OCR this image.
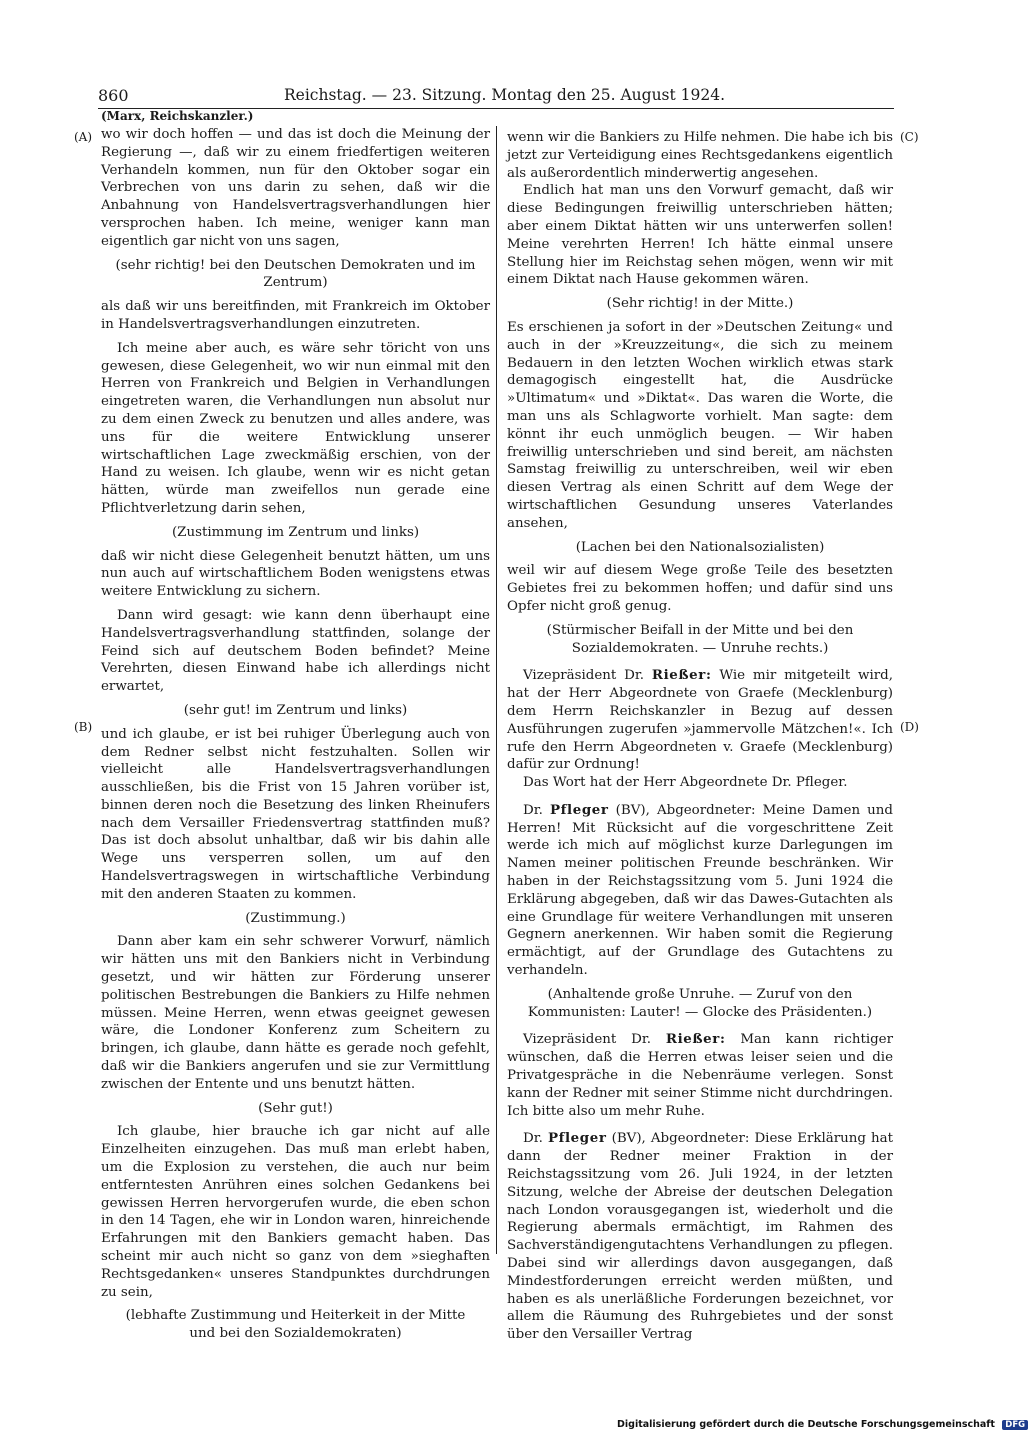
860	Reichstag. — 23. Sitzung. Montag den 25. August 1924.
(A)
(B)
(C)
(D)

(Marx, Reichskanzler.)

wo wir doch hoffen — und das ist doch die Meinung der Regierung —, daß wir zu einem friedfertigen weiteren Verhandeln kommen, nun für den Oktober sogar ein Verbrechen von uns darin zu sehen, daß wir die Anbahnung von Handelsvertragsverhandlungen hier versprochen haben. Ich meine, weniger kann man eigentlich gar nicht von uns sagen,

(sehr richtig! bei den Deutschen Demokraten und im Zentrum)

als daß wir uns bereitfinden, mit Frankreich im Oktober in Handelsvertragsverhandlungen einzutreten.

Ich meine aber auch, es wäre sehr töricht von uns gewesen, diese Gelegenheit, wo wir nun einmal mit den Herren von Frankreich und Belgien in Verhandlungen eingetreten waren, die Verhandlungen nun absolut nur zu dem einen Zweck zu benutzen und alles andere, was uns für die weitere Entwicklung unserer wirtschaftlichen Lage zweckmäßig erschien, von der Hand zu weisen. Ich glaube, wenn wir es nicht getan hätten, würde man zweifellos nun gerade eine Pflichtverletzung darin sehen,

(Zustimmung im Zentrum und links)

daß wir nicht diese Gelegenheit benutzt hätten, um uns nun auch auf wirtschaftlichem Boden wenigstens etwas weitere Entwicklung zu sichern.

Dann wird gesagt: wie kann denn überhaupt eine Handelsvertragsverhandlung stattfinden, solange der Feind sich auf deutschem Boden befindet? Meine Verehrten, diesen Einwand habe ich allerdings nicht erwartet,

(sehr gut! im Zentrum und links)

und ich glaube, er ist bei ruhiger Überlegung auch von dem Redner selbst nicht festzuhalten. Sollen wir vielleicht alle Handelsvertragsverhandlungen ausschließen, bis die Frist von 15 Jahren vorüber ist, binnen deren noch die Besetzung des linken Rheinufers nach dem Versailler Friedensvertrag stattfinden muß? Das ist doch absolut unhaltbar, daß wir bis dahin alle Wege uns versperren sollen, um auf den Handelsvertragswegen in wirtschaftliche Verbindung mit den anderen Staaten zu kommen.

(Zustimmung.)

Dann aber kam ein sehr schwerer Vorwurf, nämlich wir hätten uns mit den Bankiers nicht in Verbindung gesetzt, und wir hätten zur Förderung unserer politischen Bestrebungen die Bankiers zu Hilfe nehmen müssen. Meine Herren, wenn etwas geeignet gewesen wäre, die Londoner Konferenz zum Scheitern zu bringen, ich glaube, dann hätte es gerade noch gefehlt, daß wir die Bankiers angerufen und sie zur Vermittlung zwischen der Entente und uns benutzt hätten.

(Sehr gut!)

Ich glaube, hier brauche ich gar nicht auf alle Einzelheiten einzugehen. Das muß man erlebt haben, um die Explosion zu verstehen, die auch nur beim entferntesten Anrühren eines solchen Gedankens bei gewissen Herren hervorgerufen wurde, die eben schon in den 14 Tagen, ehe wir in London waren, hinreichende Erfahrungen mit den Bankiers gemacht haben. Das scheint mir auch nicht so ganz von dem »sieghaften Rechtsgedanken« unseres Standpunktes durchdrungen zu sein,

(lebhafte Zustimmung und Heiterkeit in der Mitte und bei den Sozialdemokraten)

wenn wir die Bankiers zu Hilfe nehmen. Die habe ich bis jetzt zur Verteidigung eines Rechtsgedankens eigentlich als außerordentlich minderwertig angesehen.

Endlich hat man uns den Vorwurf gemacht, daß wir diese Bedingungen freiwillig unterschrieben hätten; aber einem Diktat hätten wir uns unterwerfen sollen! Meine verehrten Herren! Ich hätte einmal unsere Stellung hier im Reichstag sehen mögen, wenn wir mit einem Diktat nach Hause gekommen wären.

(Sehr richtig! in der Mitte.)

Es erschienen ja sofort in der »Deutschen Zeitung« und auch in der »Kreuzzeitung«, die sich zu meinem Bedauern in den letzten Wochen wirklich etwas stark demagogisch eingestellt hat, die Ausdrücke »Ultimatum« und »Diktat«. Das waren die Worte, die man uns als Schlagworte vorhielt. Man sagte: dem könnt ihr euch unmöglich beugen. — Wir haben freiwillig unterschrieben und sind bereit, am nächsten Samstag freiwillig zu unterschreiben, weil wir eben diesen Vertrag als einen Schritt auf dem Wege der wirtschaftlichen Gesundung unseres Vaterlandes ansehen,

(Lachen bei den Nationalsozialisten)

weil wir auf diesem Wege große Teile des besetzten Gebietes frei zu bekommen hoffen; und dafür sind uns Opfer nicht groß genug.

(Stürmischer Beifall in der Mitte und bei den Sozialdemokraten. — Unruhe rechts.)

Vizepräsident Dr. Rießer: Wie mir mitgeteilt wird, hat der Herr Abgeordnete von Graefe (Mecklenburg) dem Herrn Reichskanzler in Bezug auf dessen Ausführungen zugerufen »jammervolle Mätzchen!«. Ich rufe den Herrn Abgeordneten v. Graefe (Mecklenburg) dafür zur Ordnung!

Das Wort hat der Herr Abgeordnete Dr. Pfleger.

Dr. Pfleger (BV), Abgeordneter: Meine Damen und Herren! Mit Rücksicht auf die vorgeschrittene Zeit werde ich mich auf möglichst kurze Darlegungen im Namen meiner politischen Freunde beschränken. Wir haben in der Reichstagssitzung vom 5. Juni 1924 die Erklärung abgegeben, daß wir das Dawes-Gutachten als eine Grundlage für weitere Verhandlungen mit unseren Gegnern anerkennen. Wir haben somit die Regierung ermächtigt, auf der Grundlage des Gutachtens zu verhandeln.

(Anhaltende große Unruhe. — Zuruf von den Kommunisten: Lauter! — Glocke des Präsidenten.)

Vizepräsident Dr. Rießer: Man kann richtiger wünschen, daß die Herren etwas leiser seien und die Privatgespräche in die Nebenräume verlegen. Sonst kann der Redner mit seiner Stimme nicht durchdringen. Ich bitte also um mehr Ruhe.

Dr. Pfleger (BV), Abgeordneter: Diese Erklärung hat dann der Redner meiner Fraktion in der Reichstagssitzung vom 26. Juli 1924, in der letzten Sitzung, welche der Abreise der deutschen Delegation nach London vorausgegangen ist, wiederholt und die Regierung abermals ermächtigt, im Rahmen des Sachverständigengutachtens Verhandlungen zu pflegen. Dabei sind wir allerdings davon ausgegangen, daß Mindestforderungen erreicht werden müßten, und haben es als unerläßliche Forderungen bezeichnet, vor allem die Räumung des Ruhrgebietes und der sonst über den Versailler Vertrag

Digitalisierung gefördert durch die Deutsche Forschungsgemeinschaft DFG
